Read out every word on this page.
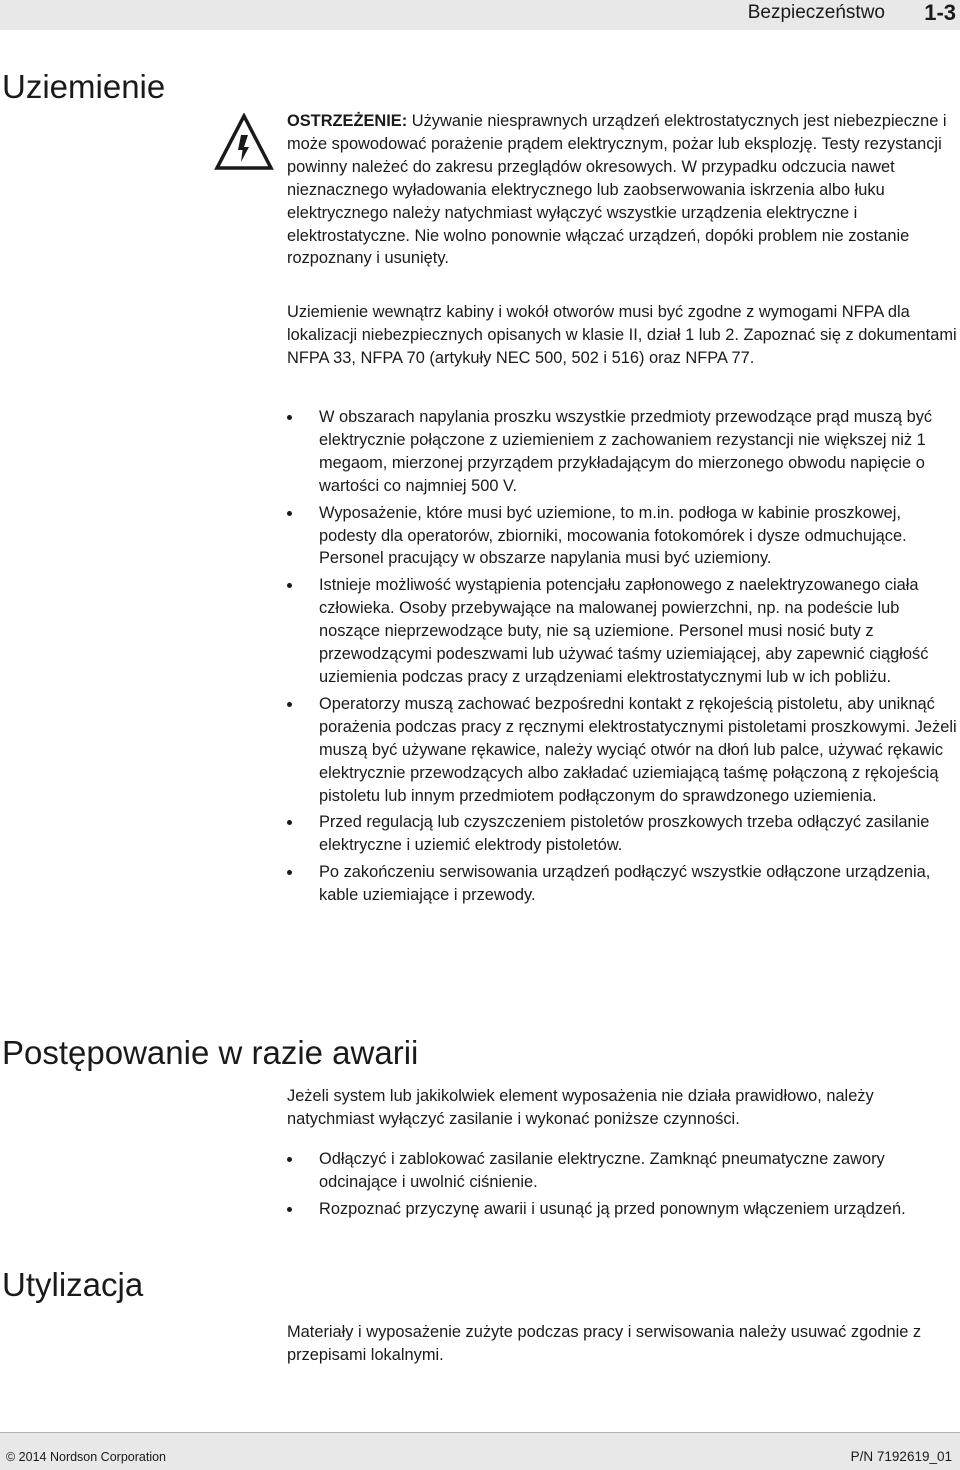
Bezpieczeństwo 1-3
Uziemienie

OSTRZEŻENIE: Używanie niesprawnych urządzeń elektrostatycznych jest niebezpieczne i może spowodować porażenie prądem elektrycznym, pożar lub eksplozję. Testy rezystancji powinny należeć do zakresu przeglądów okresowych. W przypadku odczucia nawet nieznacznego wyładowania elektrycznego lub zaobserwowania iskrzenia albo łuku elektrycznego należy natychmiast wyłączyć wszystkie urządzenia elektryczne i elektrostatyczne. Nie wolno ponownie włączać urządzeń, dopóki problem nie zostanie rozpoznany i usunięty.

Uziemienie wewnątrz kabiny i wokół otworów musi być zgodne z wymogami NFPA dla lokalizacji niebezpiecznych opisanych w klasie II, dział 1 lub 2. Zapoznać się z dokumentami NFPA 33, NFPA 70 (artykuły NEC 500, 502 i 516) oraz NFPA 77.

W obszarach napylania proszku wszystkie przedmioty przewodzące prąd muszą być elektrycznie połączone z uziemieniem z zachowaniem rezystancji nie większej niż 1 megaom, mierzonej przyrządem przykładającym do mierzonego obwodu napięcie o wartości co najmniej 500 V.
Wyposażenie, które musi być uziemione, to m.in. podłoga w kabinie proszkowej, podesty dla operatorów, zbiorniki, mocowania fotokomórek i dysze odmuchujące. Personel pracujący w obszarze napylania musi być uziemiony.
Istnieje możliwość wystąpienia potencjału zapłonowego z naelektryzowanego ciała człowieka. Osoby przebywające na malowanej powierzchni, np. na podeście lub noszące nieprzewodzące buty, nie są uziemione. Personel musi nosić buty z przewodzącymi podeszwami lub używać taśmy uziemiającej, aby zapewnić ciągłość uziemienia podczas pracy z urządzeniami elektrostatycznymi lub w ich pobliżu.
Operatorzy muszą zachować bezpośredni kontakt z rękojeścią pistoletu, aby uniknąć porażenia podczas pracy z ręcznymi elektrostatycznymi pistoletami proszkowymi. Jeżeli muszą być używane rękawice, należy wyciąć otwór na dłoń lub palce, używać rękawic elektrycznie przewodzących albo zakładać uziemiającą taśmę połączoną z rękojeścią pistoletu lub innym przedmiotem podłączonym do sprawdzonego uziemienia.
Przed regulacją lub czyszczeniem pistoletów proszkowych trzeba odłączyć zasilanie elektryczne i uziemić elektrody pistoletów.
Po zakończeniu serwisowania urządzeń podłączyć wszystkie odłączone urządzenia, kable uziemiające i przewody.
Postępowanie w razie awarii

Jeżeli system lub jakikolwiek element wyposażenia nie działa prawidłowo, należy natychmiast wyłączyć zasilanie i wykonać poniższe czynności.

Odłączyć i zablokować zasilanie elektryczne. Zamknąć pneumatyczne zawory odcinające i uwolnić ciśnienie.
Rozpoznać przyczynę awarii i usunąć ją przed ponownym włączeniem urządzeń.
Utylizacja

Materiały i wyposażenie zużyte podczas pracy i serwisowania należy usuwać zgodnie z przepisami lokalnymi.

© 2014 Nordson Corporation	P/N 7192619_01
